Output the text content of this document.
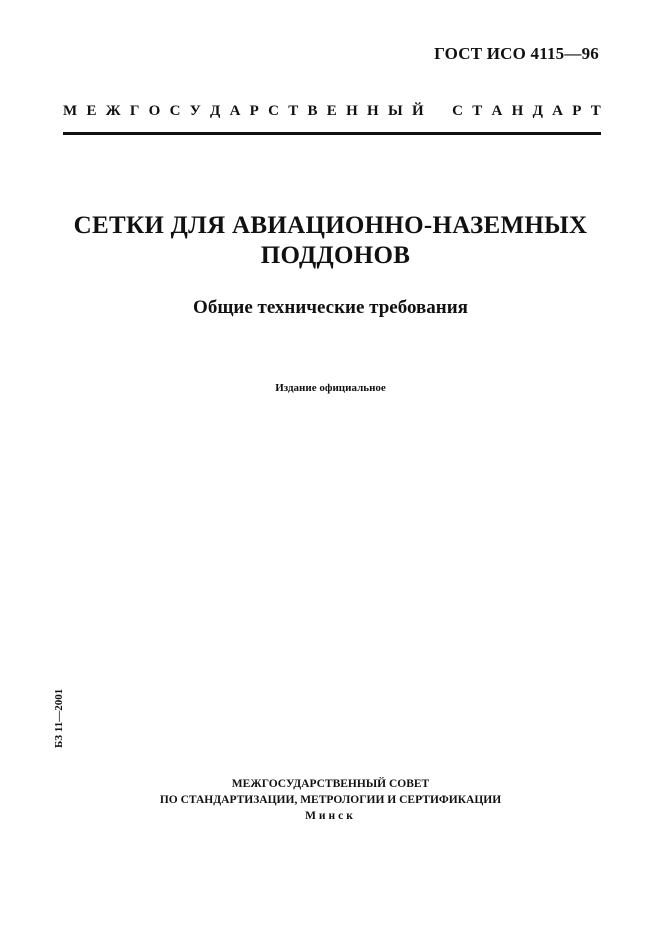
ГОСТ ИСО 4115—96
М Е Ж Г О С У Д А Р С Т В Е Н Н Ы Й С Т А Н Д А Р Т
СЕТКИ ДЛЯ АВИАЦИОННО-НАЗЕМНЫХ
ПОДДОНОВ
Общие технические требования
Издание официальное
БЗ 11—2001
МЕЖГОСУДАРСТВЕННЫЙ СОВЕТ
ПО СТАНДАРТИЗАЦИИ, МЕТРОЛОГИИ И СЕРТИФИКАЦИИ
Минск
